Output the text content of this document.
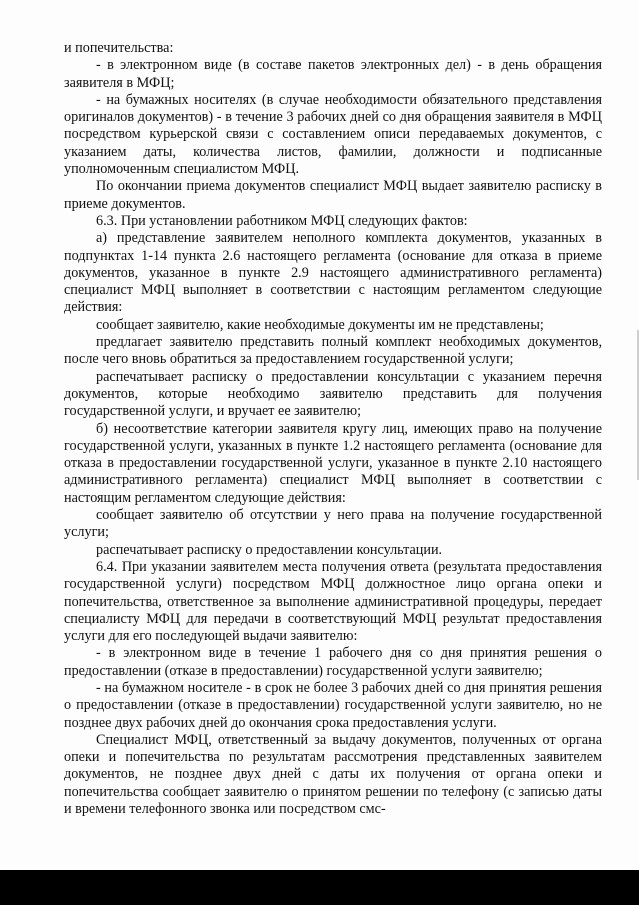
и попечительства:

- в электронном виде (в составе пакетов электронных дел) - в день обращения заявителя в МФЦ;

- на бумажных носителях (в случае необходимости обязательного представления оригиналов документов) - в течение 3 рабочих дней со дня обращения заявителя в МФЦ посредством курьерской связи с составлением описи передаваемых документов, с указанием даты, количества листов, фамилии, должности и подписанные уполномоченным специалистом МФЦ.

По окончании приема документов специалист МФЦ выдает заявителю расписку в приеме документов.

6.3. При установлении работником МФЦ следующих фактов:

а) представление заявителем неполного комплекта документов, указанных в подпунктах 1-14 пункта 2.6 настоящего регламента (основание для отказа в приеме документов, указанное в пункте 2.9 настоящего административного регламента) специалист МФЦ выполняет в соответствии с настоящим регламентом следующие действия:

сообщает заявителю, какие необходимые документы им не представлены;

предлагает заявителю представить полный комплект необходимых документов, после чего вновь обратиться за предоставлением государственной услуги;

распечатывает расписку о предоставлении консультации с указанием перечня документов, которые необходимо заявителю представить для получения государственной услуги, и вручает ее заявителю;

б) несоответствие категории заявителя кругу лиц, имеющих право на получение государственной услуги, указанных в пункте 1.2 настоящего регламента (основание для отказа в предоставлении государственной услуги, указанное в пункте 2.10 настоящего административного регламента) специалист МФЦ выполняет в соответствии с настоящим регламентом следующие действия:

сообщает заявителю об отсутствии у него права на получение государственной услуги;

распечатывает расписку о предоставлении консультации.

6.4. При указании заявителем места получения ответа (результата предоставления государственной услуги) посредством МФЦ должностное лицо органа опеки и попечительства, ответственное за выполнение административной процедуры, передает специалисту МФЦ для передачи в соответствующий МФЦ результат предоставления услуги для его последующей выдачи заявителю:

- в электронном виде в течение 1 рабочего дня со дня принятия решения о предоставлении (отказе в предоставлении) государственной услуги заявителю;

- на бумажном носителе - в срок не более 3 рабочих дней со дня принятия решения о предоставлении (отказе в предоставлении) государственной услуги заявителю, но не позднее двух рабочих дней до окончания срока предоставления услуги.

Специалист МФЦ, ответственный за выдачу документов, полученных от органа опеки и попечительства по результатам рассмотрения представленных заявителем документов, не позднее двух дней с даты их получения от органа опеки и попечительства сообщает заявителю о принятом решении по телефону (с записью даты и времени телефонного звонка или посредством смс-
